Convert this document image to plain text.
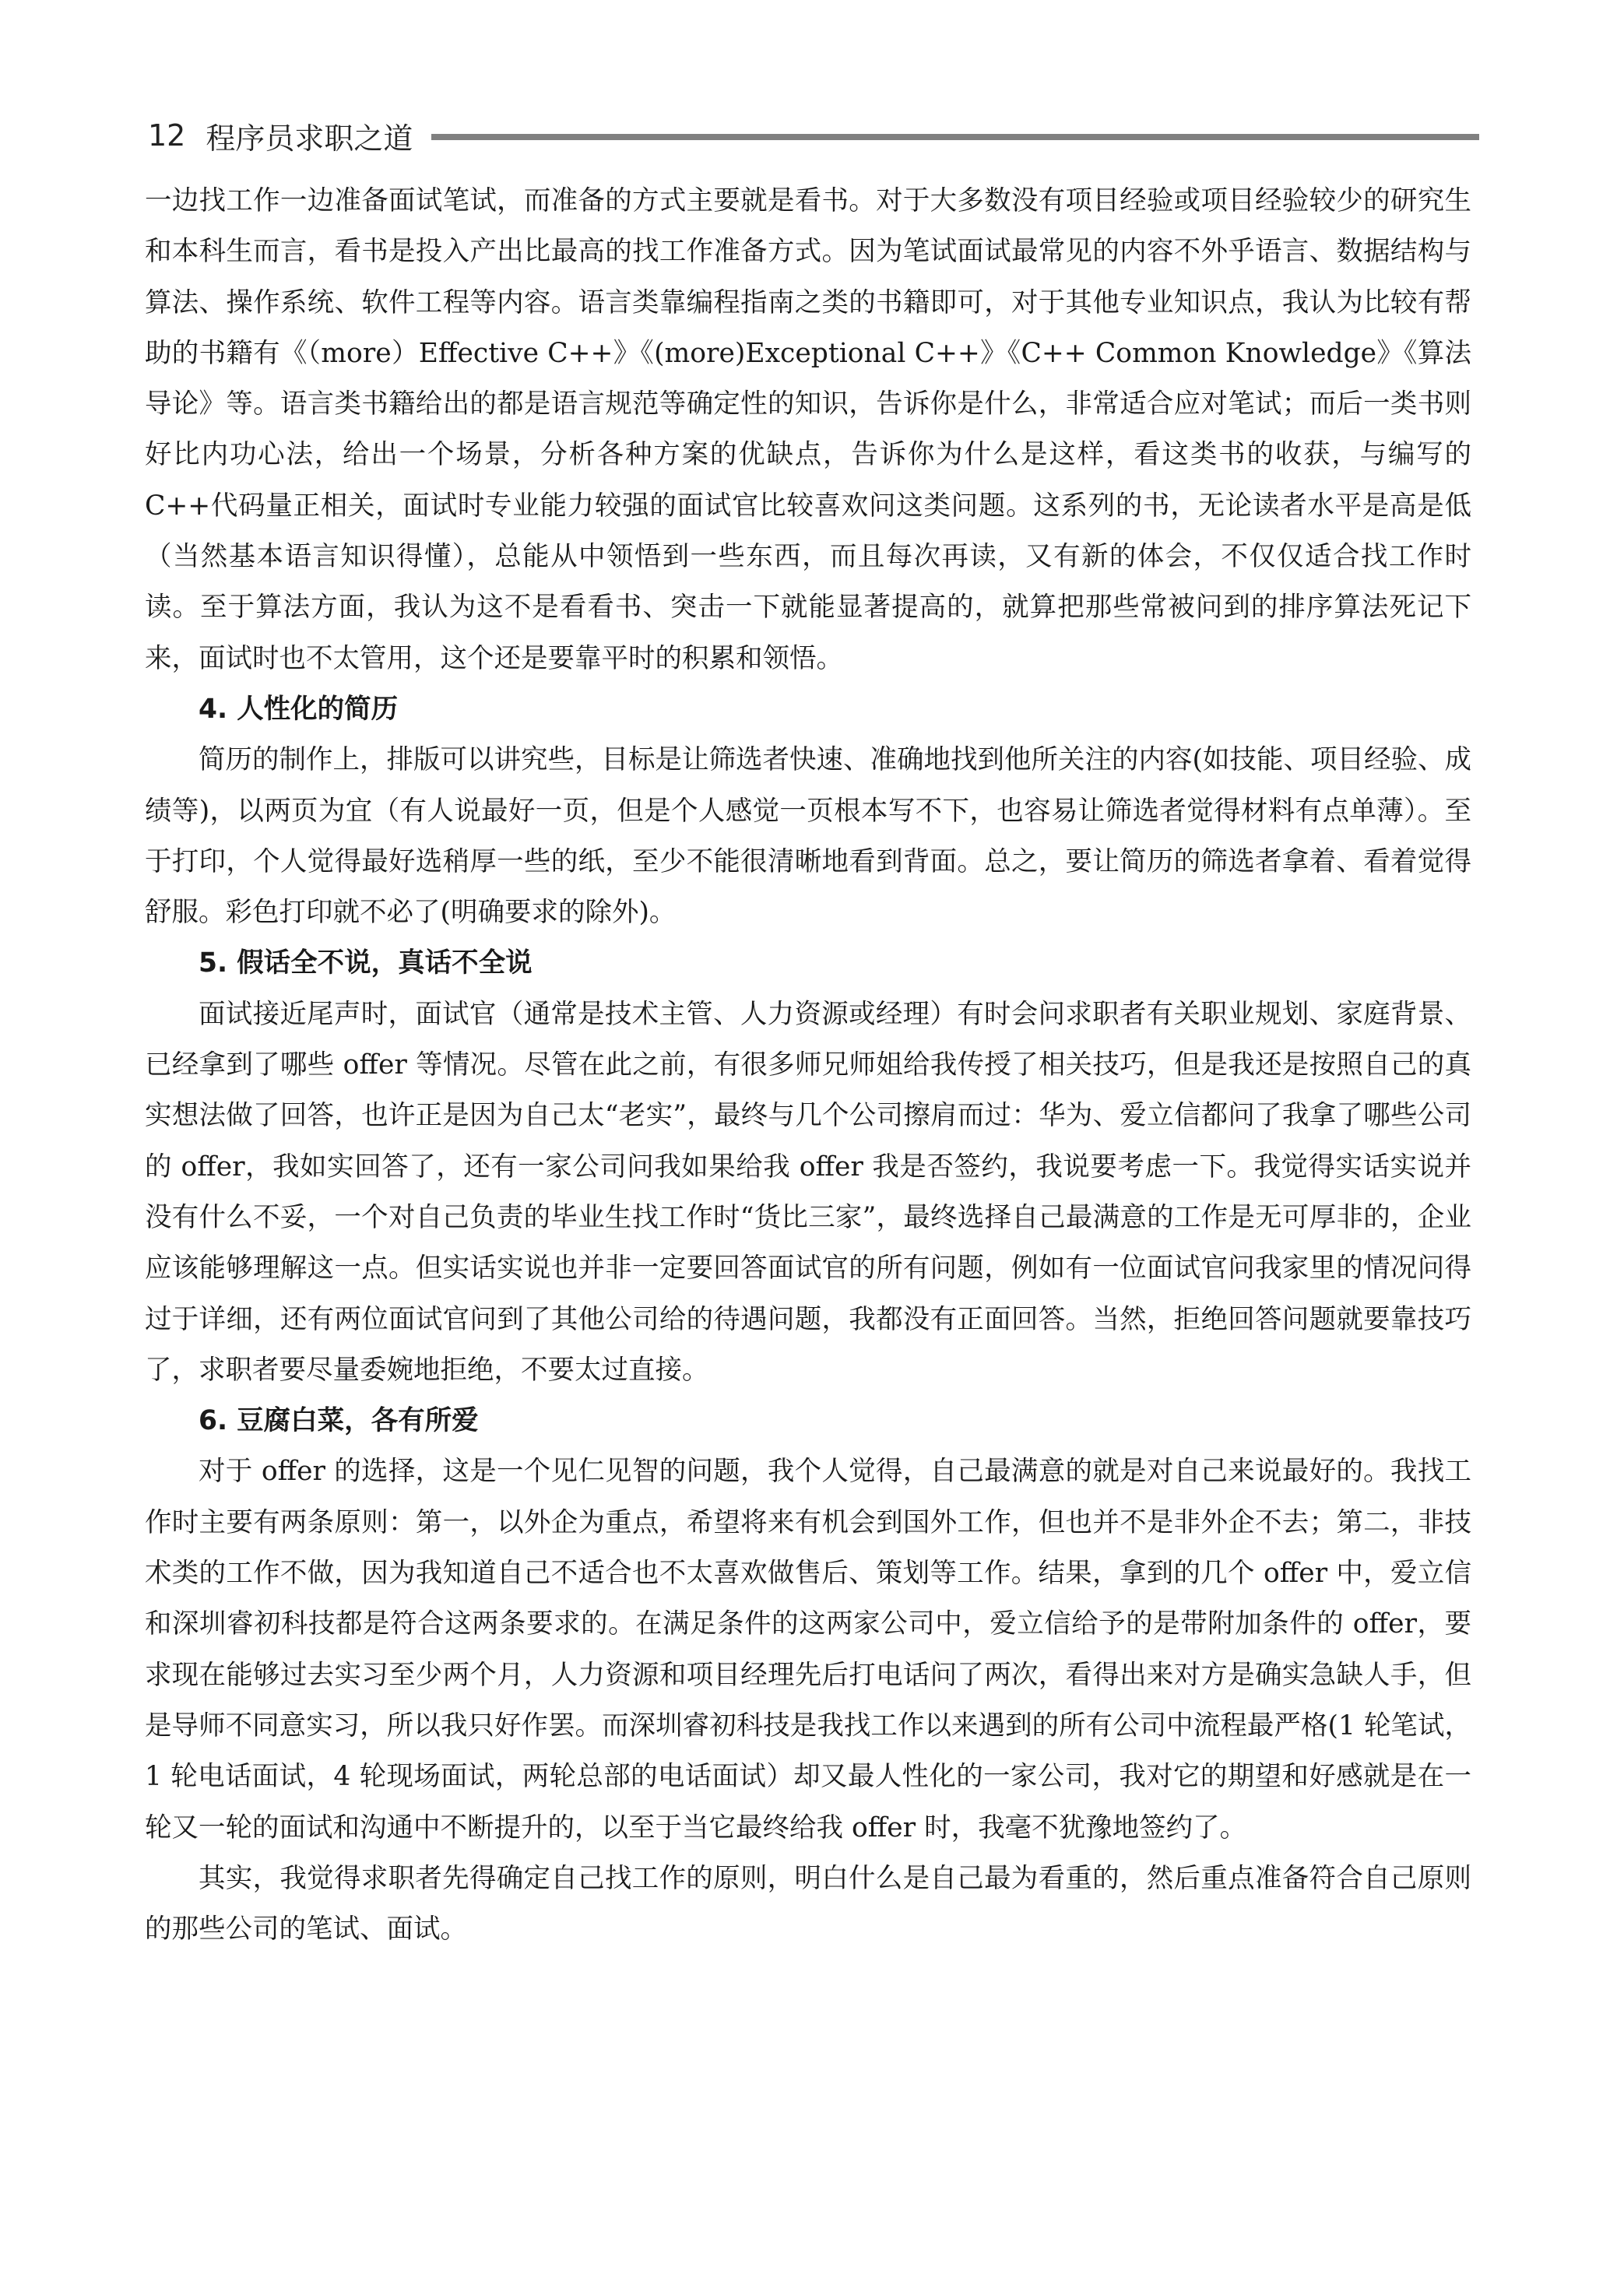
12 程序员求职之道

一边找工作一边准备面试笔试，而准备的方式主要就是看书。对于大多数没有项目经验或项目经验较少的研究生和本科生而言，看书是投入产出比最高的找工作准备方式。因为笔试面试最常见的内容不外乎语言、数据结构与算法、操作系统、软件工程等内容。语言类靠编程指南之类的书籍即可，对于其他专业知识点，我认为比较有帮助的书籍有《（more）Effective C++》《(more)Exceptional C++》《C++ Common Knowledge》《算法导论》等。语言类书籍给出的都是语言规范等确定性的知识，告诉你是什么，非常适合应对笔试；而后一类书则好比内功心法，给出一个场景，分析各种方案的优缺点，告诉你为什么是这样，看这类书的收获，与编写的C++代码量正相关，面试时专业能力较强的面试官比较喜欢问这类问题。这系列的书，无论读者水平是高是低（当然基本语言知识得懂），总能从中领悟到一些东西，而且每次再读，又有新的体会，不仅仅适合找工作时读。至于算法方面，我认为这不是看看书、突击一下就能显著提高的，就算把那些常被问到的排序算法死记下来，面试时也不太管用，这个还是要靠平时的积累和领悟。

4. 人性化的简历

简历的制作上，排版可以讲究些，目标是让筛选者快速、准确地找到他所关注的内容(如技能、项目经验、成绩等)，以两页为宜（有人说最好一页，但是个人感觉一页根本写不下，也容易让筛选者觉得材料有点单薄）。至于打印，个人觉得最好选稍厚一些的纸，至少不能很清晰地看到背面。总之，要让简历的筛选者拿着、看着觉得舒服。彩色打印就不必了(明确要求的除外)。

5. 假话全不说，真话不全说

面试接近尾声时，面试官（通常是技术主管、人力资源或经理）有时会问求职者有关职业规划、家庭背景、已经拿到了哪些 offer 等情况。尽管在此之前，有很多师兄师姐给我传授了相关技巧，但是我还是按照自己的真实想法做了回答，也许正是因为自己太“老实”，最终与几个公司擦肩而过：华为、爱立信都问了我拿了哪些公司的 offer，我如实回答了，还有一家公司问我如果给我 offer 我是否签约，我说要考虑一下。我觉得实话实说并没有什么不妥，一个对自己负责的毕业生找工作时“货比三家”，最终选择自己最满意的工作是无可厚非的，企业应该能够理解这一点。但实话实说也并非一定要回答面试官的所有问题，例如有一位面试官问我家里的情况问得过于详细，还有两位面试官问到了其他公司给的待遇问题，我都没有正面回答。当然，拒绝回答问题就要靠技巧了，求职者要尽量委婉地拒绝，不要太过直接。

6. 豆腐白菜，各有所爱

对于 offer 的选择，这是一个见仁见智的问题，我个人觉得，自己最满意的就是对自己来说最好的。我找工作时主要有两条原则：第一，以外企为重点，希望将来有机会到国外工作，但也并不是非外企不去；第二，非技术类的工作不做，因为我知道自己不适合也不太喜欢做售后、策划等工作。结果，拿到的几个 offer 中，爱立信和深圳睿初科技都是符合这两条要求的。在满足条件的这两家公司中，爱立信给予的是带附加条件的 offer，要求现在能够过去实习至少两个月，人力资源和项目经理先后打电话问了两次，看得出来对方是确实急缺人手，但是导师不同意实习，所以我只好作罢。而深圳睿初科技是我找工作以来遇到的所有公司中流程最严格(1 轮笔试，1 轮电话面试，4 轮现场面试，两轮总部的电话面试）却又最人性化的一家公司，我对它的期望和好感就是在一轮又一轮的面试和沟通中不断提升的，以至于当它最终给我 offer 时，我毫不犹豫地签约了。

其实，我觉得求职者先得确定自己找工作的原则，明白什么是自己最为看重的，然后重点准备符合自己原则的那些公司的笔试、面试。
